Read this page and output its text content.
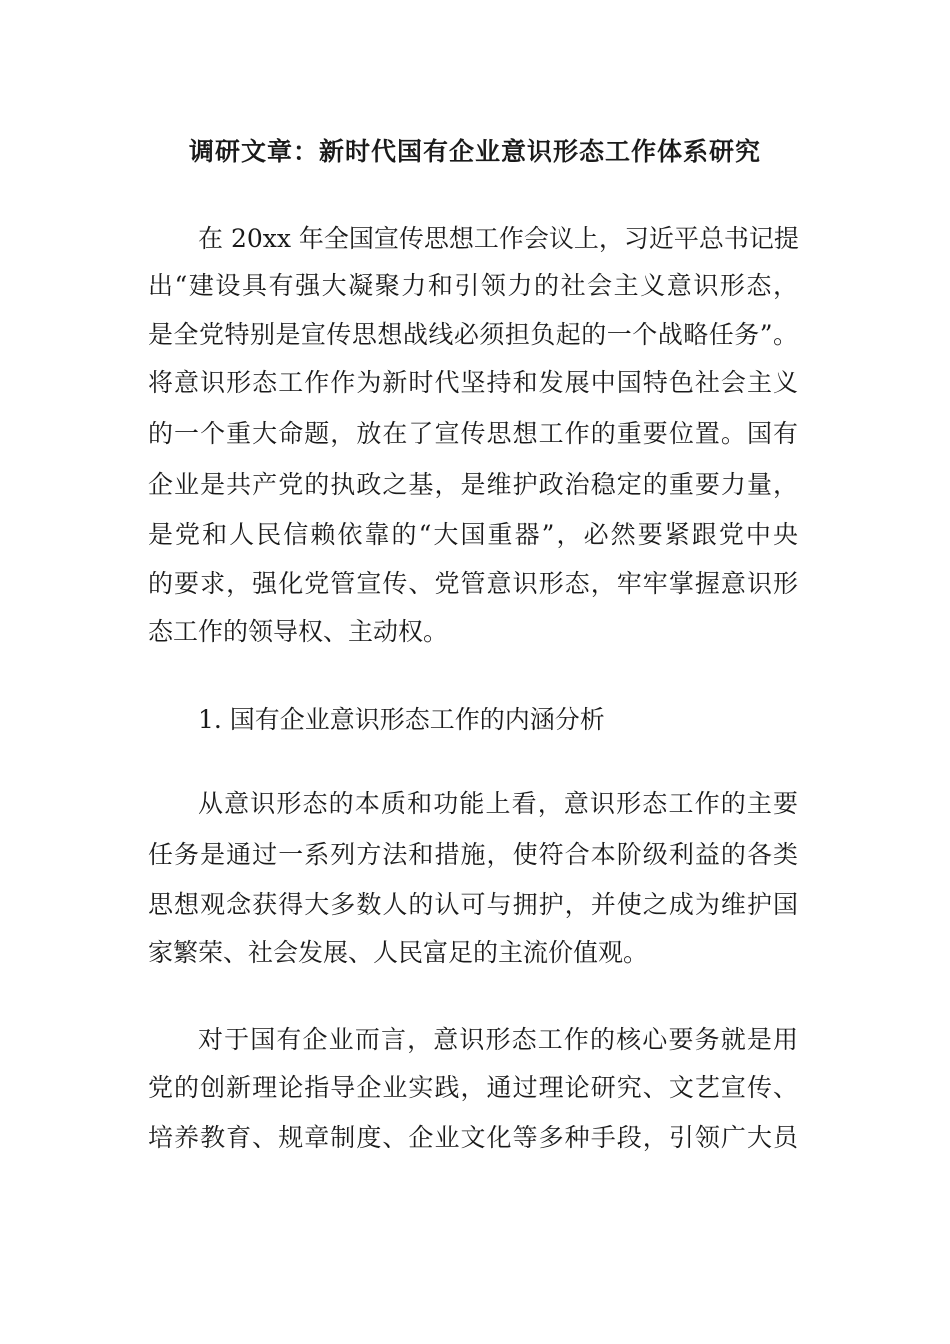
调研文章：新时代国有企业意识形态工作体系研究
在 20xx 年全国宣传思想工作会议上，习近平总书记提
出“建设具有强大凝聚力和引领力的社会主义意识形态，
是全党特别是宣传思想战线必须担负起的一个战略任务”。
将意识形态工作作为新时代坚持和发展中国特色社会主义
的一个重大命题，放在了宣传思想工作的重要位置。国有
企业是共产党的执政之基，是维护政治稳定的重要力量，
是党和人民信赖依靠的“大国重器”，必然要紧跟党中央
的要求，强化党管宣传、党管意识形态，牢牢掌握意识形
态工作的领导权、主动权。
1. 国有企业意识形态工作的内涵分析
从意识形态的本质和功能上看，意识形态工作的主要
任务是通过一系列方法和措施，使符合本阶级利益的各类
思想观念获得大多数人的认可与拥护，并使之成为维护国
家繁荣、社会发展、人民富足的主流价值观。
对于国有企业而言，意识形态工作的核心要务就是用
党的创新理论指导企业实践，通过理论研究、文艺宣传、
培养教育、规章制度、企业文化等多种手段，引领广大员
